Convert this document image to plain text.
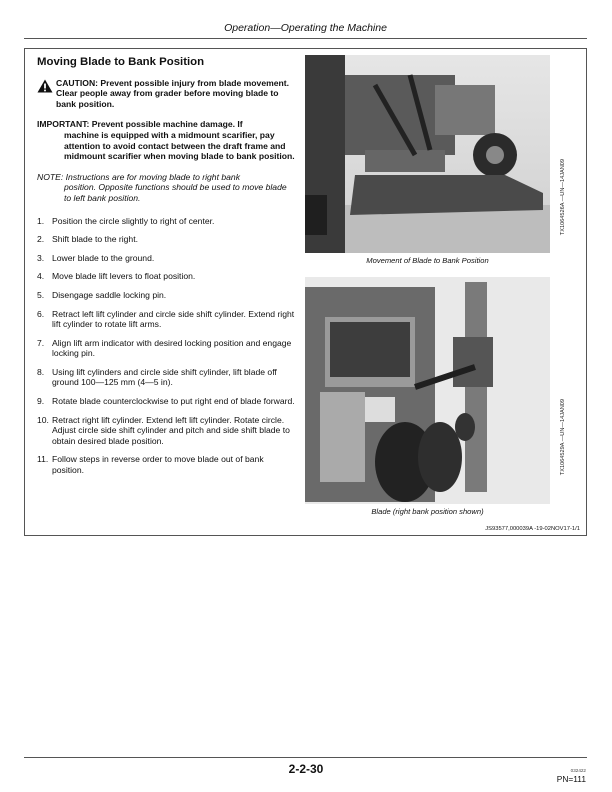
Operation—Operating the Machine
Moving Blade to Bank Position
CAUTION: Prevent possible injury from blade movement. Clear people away from grader before moving blade to bank position.
IMPORTANT: Prevent possible machine damage. If
machine is equipped with a midmount scarifier, pay attention to avoid contact between the draft frame and midmount scarifier when moving blade to bank position.
NOTE: Instructions are for moving blade to right bank
position. Opposite functions should be used to move blade to left bank position.
1. Position the circle slightly to right of center.
2. Shift blade to the right.
3. Lower blade to the ground.
4. Move blade lift levers to float position.
5. Disengage saddle locking pin.
6. Retract left lift cylinder and circle side shift cylinder. Extend right lift cylinder to rotate lift arms.
7. Align lift arm indicator with desired locking position and engage locking pin.
8. Using lift cylinders and circle side shift cylinder, lift blade off ground 100—125 mm (4—5 in).
9. Rotate blade counterclockwise to put right end of blade forward.
10. Retract right lift cylinder. Extend left lift cylinder. Rotate circle. Adjust circle side shift cylinder and pitch and side shift blade to obtain desired blade position.
11. Follow steps in reverse order to move blade out of bank position.
TX1064526A —UN—14JAN09
Movement of Blade to Bank Position
TX1064529A —UN—14JAN09
Blade (right bank position shown)
JS93577,000039A -19-02NOV17-1/1
2-2-30	032422
PN=111
